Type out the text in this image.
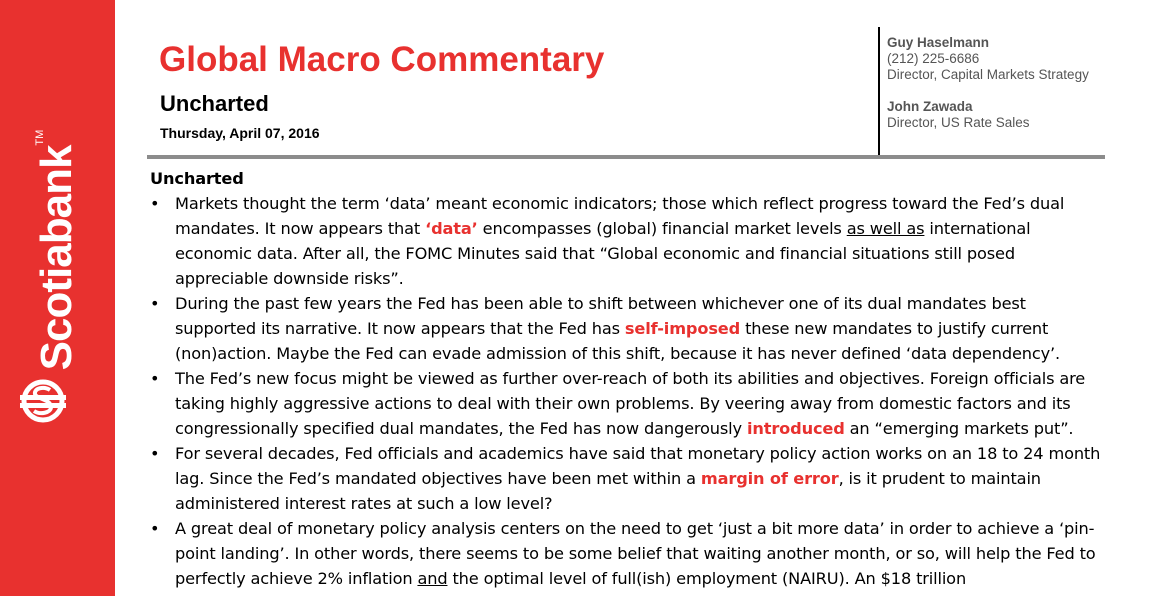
Scotiabank™
Global Macro Commentary
Uncharted
Thursday, April 07, 2016
Guy Haselmann
(212) 225-6686
Director, Capital Markets Strategy
John Zawada
Director, US Rate Sales

Uncharted

• Markets thought the term ‘data’ meant economic indicators; those which reflect progress toward the Fed’s dual mandates. It now appears that ‘data’ encompasses (global) financial market levels as well as international economic data. After all, the FOMC Minutes said that “Global economic and financial situations still posed appreciable downside risks”.
• During the past few years the Fed has been able to shift between whichever one of its dual mandates best supported its narrative. It now appears that the Fed has self-imposed these new mandates to justify current (non)action. Maybe the Fed can evade admission of this shift, because it has never defined ‘data dependency’.
• The Fed’s new focus might be viewed as further over-reach of both its abilities and objectives. Foreign officials are taking highly aggressive actions to deal with their own problems. By veering away from domestic factors and its congressionally specified dual mandates, the Fed has now dangerously introduced an “emerging markets put”.
• For several decades, Fed officials and academics have said that monetary policy action works on an 18 to 24 month lag. Since the Fed’s mandated objectives have been met within a margin of error, is it prudent to maintain administered interest rates at such a low level?
• A great deal of monetary policy analysis centers on the need to get ‘just a bit more data’ in order to achieve a ‘pin-point landing’. In other words, there seems to be some belief that waiting another month, or so, will help the Fed to perfectly achieve 2% inflation and the optimal level of full(ish) employment (NAIRU). An $18 trillion
